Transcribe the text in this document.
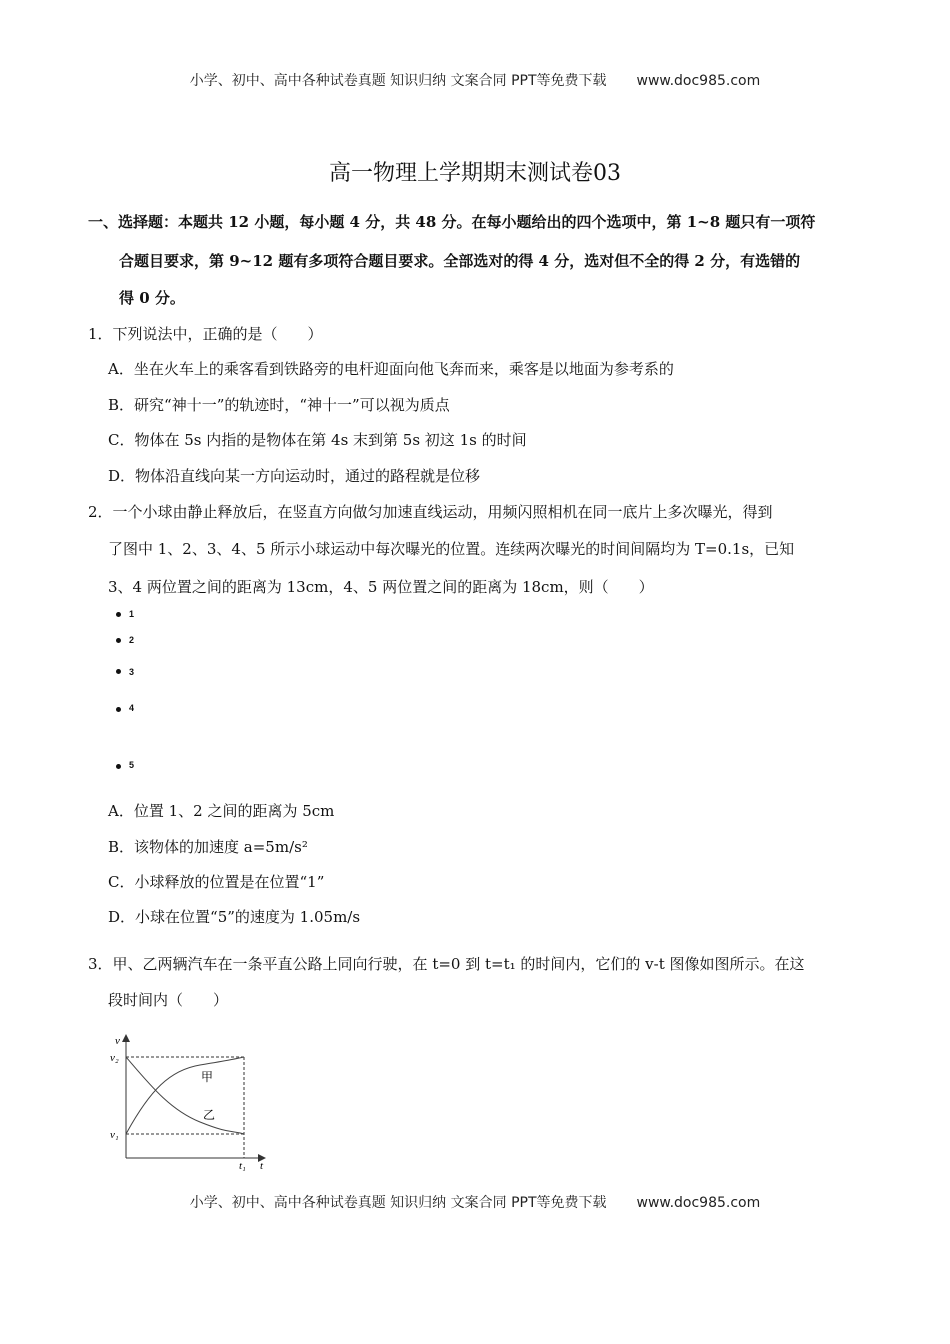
小学、初中、高中各种试卷真题 知识归纳 文案合同 PPT等免费下载 www.doc985.com
高一物理上学期期末测试卷03
一、选择题：本题共 12 小题，每小题 4 分，共 48 分。在每小题给出的四个选项中，第 1~8 题只有一项符
合题目要求，第 9~12 题有多项符合题目要求。全部选对的得 4 分，选对但不全的得 2 分，有选错的
得 0 分。
1．下列说法中，正确的是（　　）
A．坐在火车上的乘客看到铁路旁的电杆迎面向他飞奔而来，乘客是以地面为参考系的
B．研究“神十一”的轨迹时，“神十一”可以视为质点
C．物体在 5s 内指的是物体在第 4s 末到第 5s 初这 1s 的时间
D．物体沿直线向某一方向运动时，通过的路程就是位移
2．一个小球由静止释放后，在竖直方向做匀加速直线运动，用频闪照相机在同一底片上多次曝光，得到
了图中 1、2、3、4、5 所示小球运动中每次曝光的位置。连续两次曝光的时间间隔均为 T=0.1s，已知
3、4 两位置之间的距离为 13cm，4、5 两位置之间的距离为 18cm，则（　　）
1
2
3
4
5
A．位置 1、2 之间的距离为 5cm
B．该物体的加速度 a=5m/s²
C．小球释放的位置是在位置“1”
D．小球在位置“5”的速度为 1.05m/s
3．甲、乙两辆汽车在一条平直公路上同向行驶，在 t=0 到 t=t₁ 的时间内，它们的 v-t 图像如图所示。在这
段时间内（　　）
v
t
v₂
v₁
t₁
甲
乙
小学、初中、高中各种试卷真题 知识归纳 文案合同 PPT等免费下载 www.doc985.com
